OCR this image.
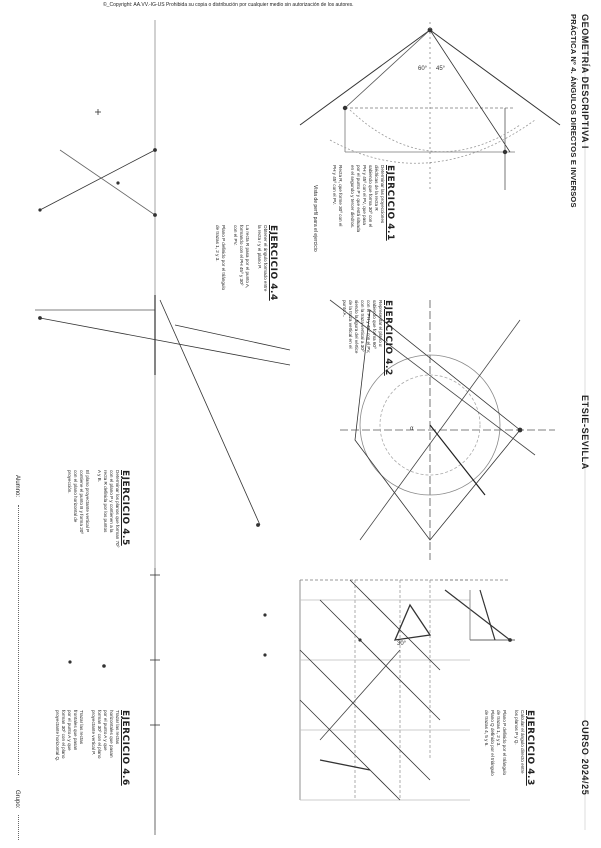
60° 45°
α
30°
©_Copyright: AA.VV.-IG-US Prohibida su copia o distribución por cualquier medio sin autorización de los autores.
GEOMETRÍA DESCRIPTIVA I
PRÁCTICA Nº 4. ÁNGULOS DIRECTOS E INVERSOS
ETSIE-SEVILLA
CURSO 2024/25
EJERCICIO 4.1
Determinar las proyecciones
diédricas de la recta R
sabiendo que forma 30º con el
PH y 45º con el PV, que pasa
por el punto P y que está situada
en el segundo y tercer diedros.

Recta R, que forme 30º con el
PH y 45º con el PV.
Vista de perfil para el ejercicio
EJERCICIO 4.2
Representar el plano α
sabiendo que forma 60º
con el PH y 45º con el PV,
con la traza vertical a 30º
siendo la figura del vértice
de la traza vertical en el
punto A.
EJERCICIO 4.3
Calcular el ángulo directo entre
los planos P y Q.

Plano P definido por el triángulo
de trazas 1, 2 y 3.
Plano Q definido por el triángulo
de trazas 4, 5 y 6.
EJERCICIO 4.4
Obtener el ángulo formado entre
la recta r y el plano P.

La recta R pasa por el punto A,
formando con el PH 45º y 30º
con el PV.

Plano P definido por el triángulo
de trazas 1, 2 y 3.
EJERCICIO 4.5
Determinar los planos que forman 70º
con el plano P y contienen a la
recta R definida por los puntos
A y B.

El plano proyectante vertical P
contiene el punto B y forma 20º
con el plano horizontal de
proyección.
EJERCICIO 4.6
Trazar las rectas
horizontales que pasan
por el punto A y que
forman 30º con el plano
proyectante vertical P.

Trazar las rectas
frontales que pasan
por el punto A y que
forman 30º con el plano
proyectante horizontal Q.
Alumno:
Grupo:
